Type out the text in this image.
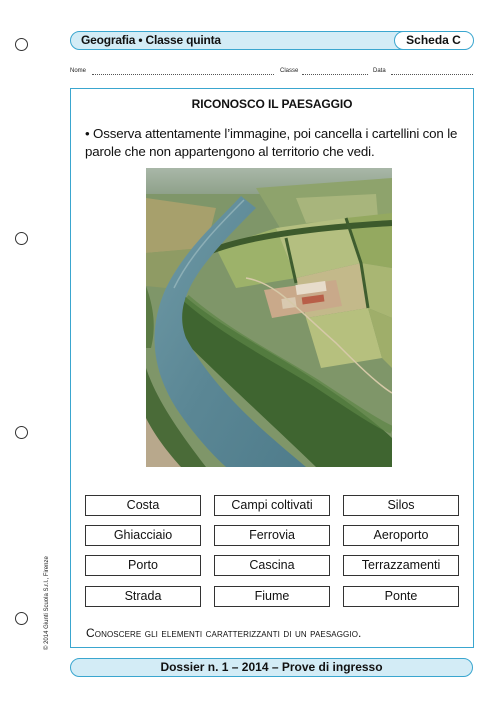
Geografia • Classe quinta	Scheda C
Nome	Classe	Data
RICONOSCO IL PAESAGGIO
• Osserva attentamente l’immagine, poi cancella i cartellini con le parole che non appartengono al territorio che vedi.
Costa	Campi coltivati	Silos
Ghiacciaio	Ferrovia	Aeroporto
Porto	Cascina	Terrazzamenti
Strada	Fiume	Ponte
Conoscere gli elementi caratterizzanti di un paesaggio.
© 2014 Giunti Scuola S.r.l., Firenze
Dossier n. 1 – 2014 – Prove di ingresso
